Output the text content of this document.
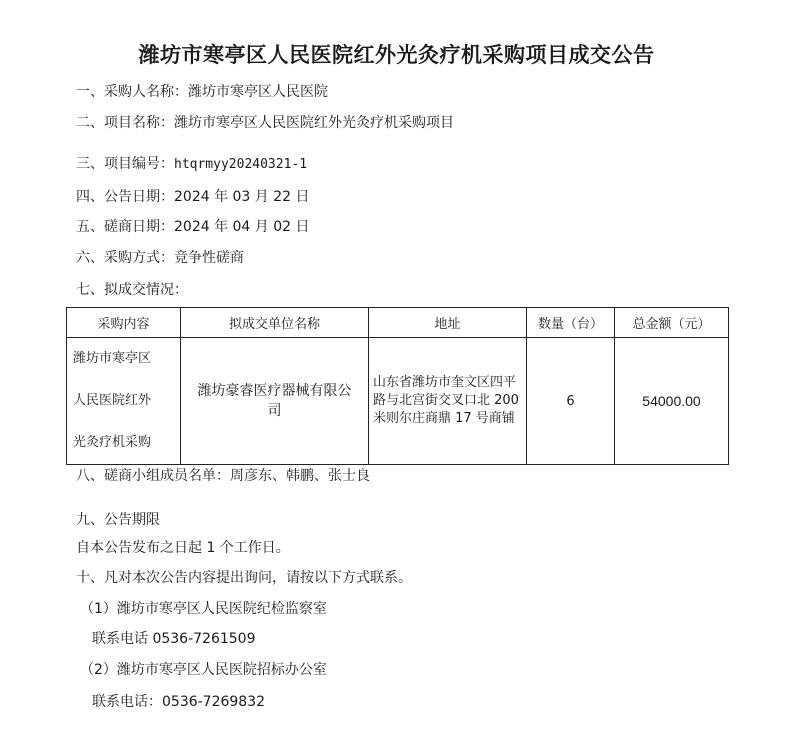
潍坊市寒亭区人民医院红外光灸疗机采购项目成交公告
一、采购人名称：潍坊市寒亭区人民医院
二、项目名称：潍坊市寒亭区人民医院红外光灸疗机采购项目
三、项目编号：htqrmyy20240321-1
四、公告日期：2024 年 03 月 22 日
五、磋商日期：2024 年 04 月 02 日
六、采购方式：竞争性磋商
七、拟成交情况：
采购内容	拟成交单位名称	地址	数量（台）	总金额（元）

潍坊市寒亭区
人民医院红外
光灸疗机采购	潍坊豪睿医疗器械有限公司	山东省潍坊市奎文区四平路与北宫街交叉口北 200 米则尔庄商鼎 17 号商铺	6	54000.00
八、磋商小组成员名单：周彦东、韩鹏、张士良
九、公告期限
自本公告发布之日起 1 个工作日。
十、凡对本次公告内容提出询问，请按以下方式联系。
（1）潍坊市寒亭区人民医院纪检监察室
联系电话 0536-7261509
（2）潍坊市寒亭区人民医院招标办公室
联系电话：0536-7269832
